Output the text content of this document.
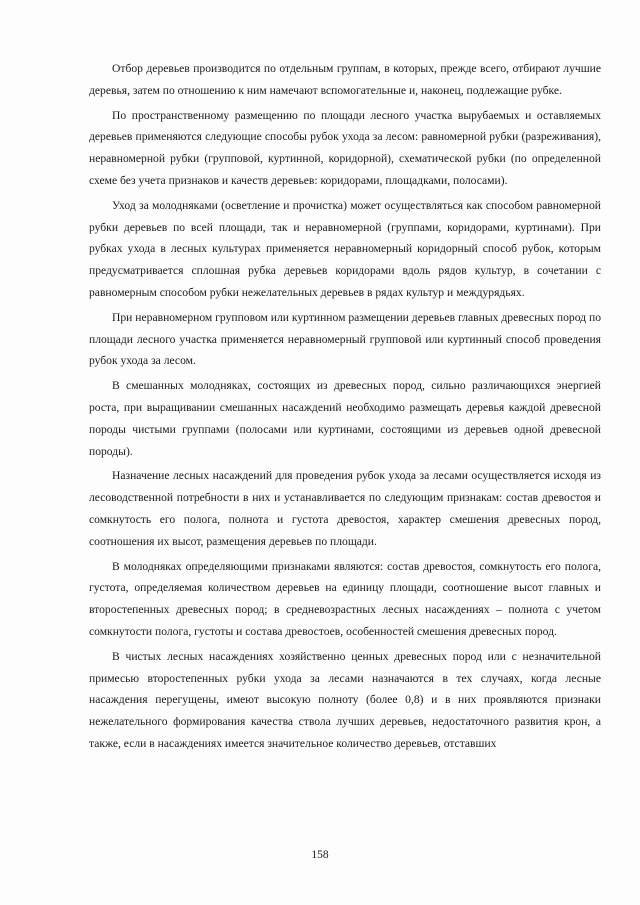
Отбор деревьев производится по отдельным группам, в которых, прежде всего, отбирают лучшие деревья, затем по отношению к ним намечают вспомогательные и, наконец, подлежащие рубке.

По пространственному размещению по площади лесного участка вырубаемых и оставляемых деревьев применяются следующие способы рубок ухода за лесом: равномерной рубки (разреживания), неравномерной рубки (групповой, куртинной, коридорной), схематической рубки (по определенной схеме без учета признаков и качеств деревьев: коридорами, площадками, полосами).

Уход за молодняками (осветление и прочистка) может осуществляться как способом равномерной рубки деревьев по всей площади, так и неравномерной (группами, коридорами, куртинами). При рубках ухода в лесных культурах применяется неравномерный коридорный способ рубок, которым предусматривается сплошная рубка деревьев коридорами вдоль рядов культур, в сочетании с равномерным способом рубки нежелательных деревьев в рядах культур и междурядьях.

При неравномерном групповом или куртинном размещении деревьев главных древесных пород по площади лесного участка применяется неравномерный групповой или куртинный способ проведения рубок ухода за лесом.

В смешанных молодняках, состоящих из древесных пород, сильно различающихся энергией роста, при выращивании смешанных насаждений необходимо размещать деревья каждой древесной породы чистыми группами (полосами или куртинами, состоящими из деревьев одной древесной породы).

Назначение лесных насаждений для проведения рубок ухода за лесами осуществляется исходя из лесоводственной потребности в них и устанавливается по следующим признакам: состав древостоя и сомкнутость его полога, полнота и густота древостоя, характер смешения древесных пород, соотношения их высот, размещения деревьев по площади.

В молодняках определяющими признаками являются: состав древостоя, сомкнутость его полога, густота, определяемая количеством деревьев на единицу площади, соотношение высот главных и второстепенных древесных пород; в средневозрастных лесных насаждениях – полнота с учетом сомкнутости полога, густоты и состава древостоев, особенностей смешения древесных пород.

В чистых лесных насаждениях хозяйственно ценных древесных пород или с незначительной примесью второстепенных рубки ухода за лесами назначаются в тех случаях, когда лесные насаждения перегущены, имеют высокую полноту (более 0,8) и в них проявляются признаки нежелательного формирования качества ствола лучших деревьев, недостаточного развития крон, а также, если в насаждениях имеется значительное количество деревьев, отставших

158
